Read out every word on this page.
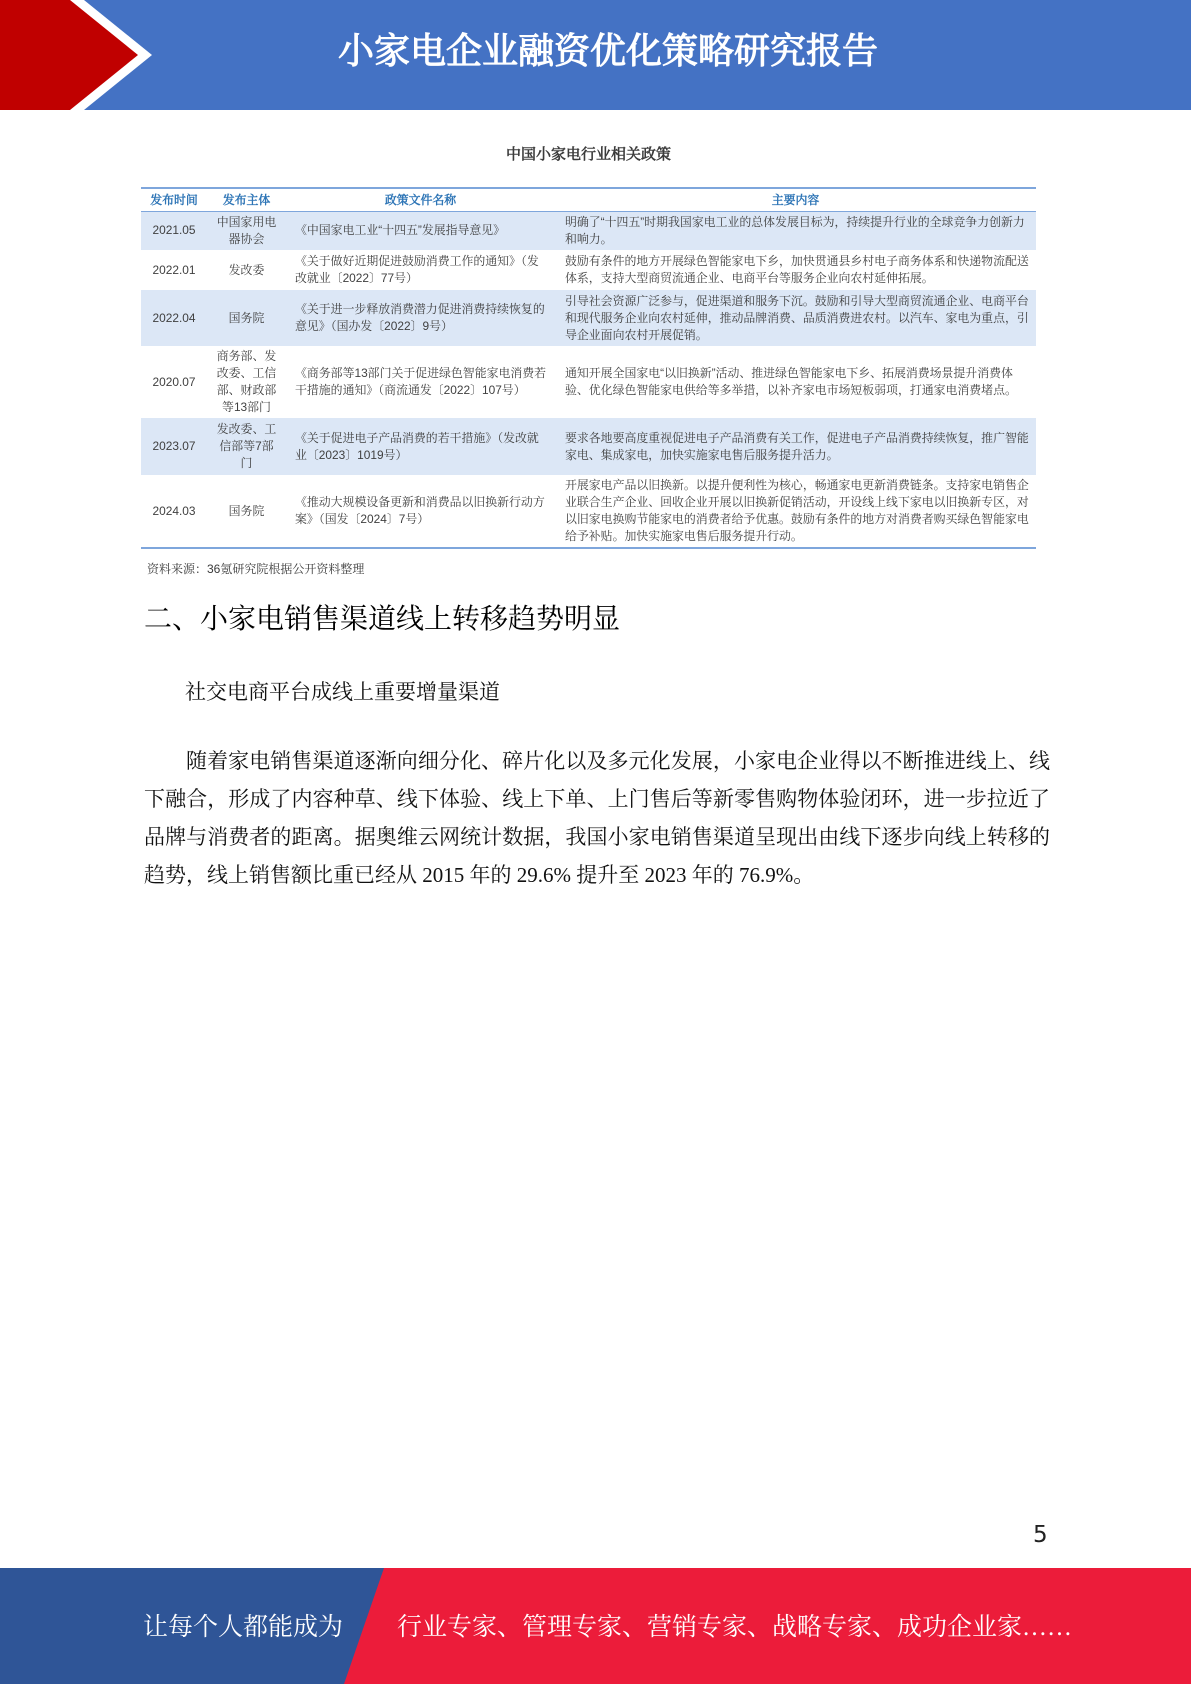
小家电企业融资优化策略研究报告
中国小家电行业相关政策
发布时间	发布主体	政策文件名称	主要内容
2021.05	中国家用电器协会	《中国家电工业“十四五”发展指导意见》	明确了“十四五”时期我国家电工业的总体发展目标为，持续提升行业的全球竞争力创新力和响力。
2022.01	发改委	《关于做好近期促进鼓励消费工作的通知》（发改就业〔2022〕77号）	鼓励有条件的地方开展绿色智能家电下乡，加快贯通县乡村电子商务体系和快递物流配送体系，支持大型商贸流通企业、电商平台等服务企业向农村延伸拓展。
2022.04	国务院	《关于进一步释放消费潜力促进消费持续恢复的意见》（国办发〔2022〕9号）	引导社会资源广泛参与，促进渠道和服务下沉。鼓励和引导大型商贸流通企业、电商平台和现代服务企业向农村延伸，推动品牌消费、品质消费进农村。以汽车、家电为重点，引导企业面向农村开展促销。
2020.07	商务部、发改委、工信部、财政部等13部门	《商务部等13部门关于促进绿色智能家电消费若干措施的通知》（商流通发〔2022〕107号）	通知开展全国家电“以旧换新”活动、推进绿色智能家电下乡、拓展消费场景提升消费体验、优化绿色智能家电供给等多举措，以补齐家电市场短板弱项，打通家电消费堵点。
2023.07	发改委、工信部等7部门	《关于促进电子产品消费的若干措施》（发改就业〔2023〕1019号）	要求各地要高度重视促进电子产品消费有关工作，促进电子产品消费持续恢复，推广智能家电、集成家电，加快实施家电售后服务提升活力。
2024.03	国务院	《推动大规模设备更新和消费品以旧换新行动方案》（国发〔2024〕7号）	开展家电产品以旧换新。以提升便利性为核心，畅通家电更新消费链条。支持家电销售企业联合生产企业、回收企业开展以旧换新促销活动，开设线上线下家电以旧换新专区，对以旧家电换购节能家电的消费者给予优惠。鼓励有条件的地方对消费者购买绿色智能家电给予补贴。加快实施家电售后服务提升行动。
资料来源：36氪研究院根据公开资料整理
二、小家电销售渠道线上转移趋势明显

社交电商平台成线上重要增量渠道

随着家电销售渠道逐渐向细分化、碎片化以及多元化发展，小家电企业得以不断推进线上、线下融合，形成了内容种草、线下体验、线上下单、上门售后等新零售购物体验闭环，进一步拉近了品牌与消费者的距离。据奥维云网统计数据，我国小家电销售渠道呈现出由线下逐步向线上转移的趋势，线上销售额比重已经从 2015 年的 29.6% 提升至 2023 年的 76.9%。

5
让每个人都能成为 行业专家、管理专家、营销专家、战略专家、成功企业家……
